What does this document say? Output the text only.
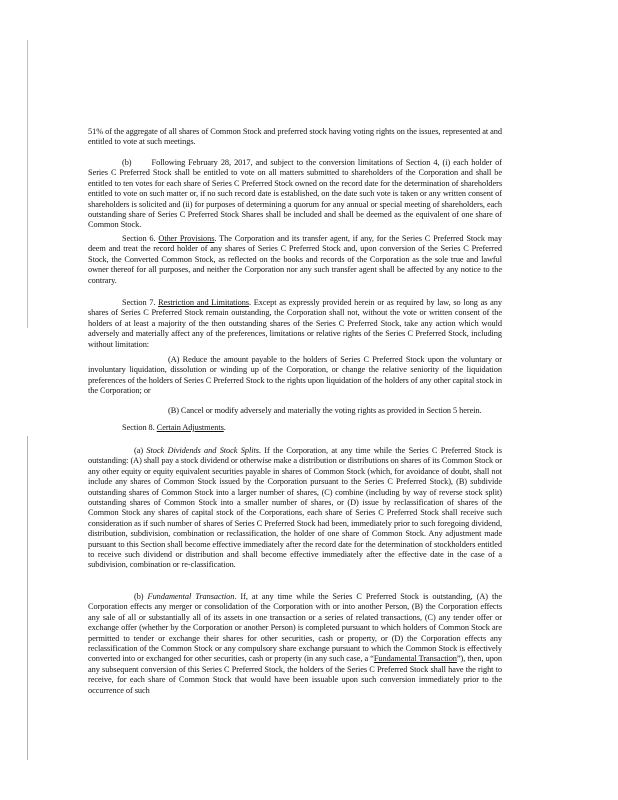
51% of the aggregate of all shares of Common Stock and preferred stock having voting rights on the issues, represented at and entitled to vote at such meetings.

(b) Following February 28, 2017, and subject to the conversion limitations of Section 4, (i) each holder of Series C Preferred Stock shall be entitled to vote on all matters submitted to shareholders of the Corporation and shall be entitled to ten votes for each share of Series C Preferred Stock owned on the record date for the determination of shareholders entitled to vote on such matter or, if no such record date is established, on the date such vote is taken or any written consent of shareholders is solicited and (ii) for purposes of determining a quorum for any annual or special meeting of shareholders, each outstanding share of Series C Preferred Stock Shares shall be included and shall be deemed as the equivalent of one share of Common Stock.

Section 6. Other Provisions. The Corporation and its transfer agent, if any, for the Series C Preferred Stock may deem and treat the record holder of any shares of Series C Preferred Stock and, upon conversion of the Series C Preferred Stock, the Converted Common Stock, as reflected on the books and records of the Corporation as the sole true and lawful owner thereof for all purposes, and neither the Corporation nor any such transfer agent shall be affected by any notice to the contrary.

Section 7. Restriction and Limitations. Except as expressly provided herein or as required by law, so long as any shares of Series C Preferred Stock remain outstanding, the Corporation shall not, without the vote or written consent of the holders of at least a majority of the then outstanding shares of the Series C Preferred Stock, take any action which would adversely and materially affect any of the preferences, limitations or relative rights of the Series C Preferred Stock, including without limitation:

(A) Reduce the amount payable to the holders of Series C Preferred Stock upon the voluntary or involuntary liquidation, dissolution or winding up of the Corporation, or change the relative seniority of the liquidation preferences of the holders of Series C Preferred Stock to the rights upon liquidation of the holders of any other capital stock in the Corporation; or

(B) Cancel or modify adversely and materially the voting rights as provided in Section 5 herein.

Section 8. Certain Adjustments.

(a) Stock Dividends and Stock Splits. If the Corporation, at any time while the Series C Preferred Stock is outstanding: (A) shall pay a stock dividend or otherwise make a distribution or distributions on shares of its Common Stock or any other equity or equity equivalent securities payable in shares of Common Stock (which, for avoidance of doubt, shall not include any shares of Common Stock issued by the Corporation pursuant to the Series C Preferred Stock), (B) subdivide outstanding shares of Common Stock into a larger number of shares, (C) combine (including by way of reverse stock split) outstanding shares of Common Stock into a smaller number of shares, or (D) issue by reclassification of shares of the Common Stock any shares of capital stock of the Corporations, each share of Series C Preferred Stock shall receive such consideration as if such number of shares of Series C Preferred Stock had been, immediately prior to such foregoing dividend, distribution, subdivision, combination or reclassification, the holder of one share of Common Stock. Any adjustment made pursuant to this Section shall become effective immediately after the record date for the determination of stockholders entitled to receive such dividend or distribution and shall become effective immediately after the effective date in the case of a subdivision, combination or re-classification.

(b) Fundamental Transaction. If, at any time while the Series C Preferred Stock is outstanding, (A) the Corporation effects any merger or consolidation of the Corporation with or into another Person, (B) the Corporation effects any sale of all or substantially all of its assets in one transaction or a series of related transactions, (C) any tender offer or exchange offer (whether by the Corporation or another Person) is completed pursuant to which holders of Common Stock are permitted to tender or exchange their shares for other securities, cash or property, or (D) the Corporation effects any reclassification of the Common Stock or any compulsory share exchange pursuant to which the Common Stock is effectively converted into or exchanged for other securities, cash or property (in any such case, a “Fundamental Transaction”), then, upon any subsequent conversion of this Series C Preferred Stock, the holders of the Series C Preferred Stock shall have the right to receive, for each share of Common Stock that would have been issuable upon such conversion immediately prior to the occurrence of such
